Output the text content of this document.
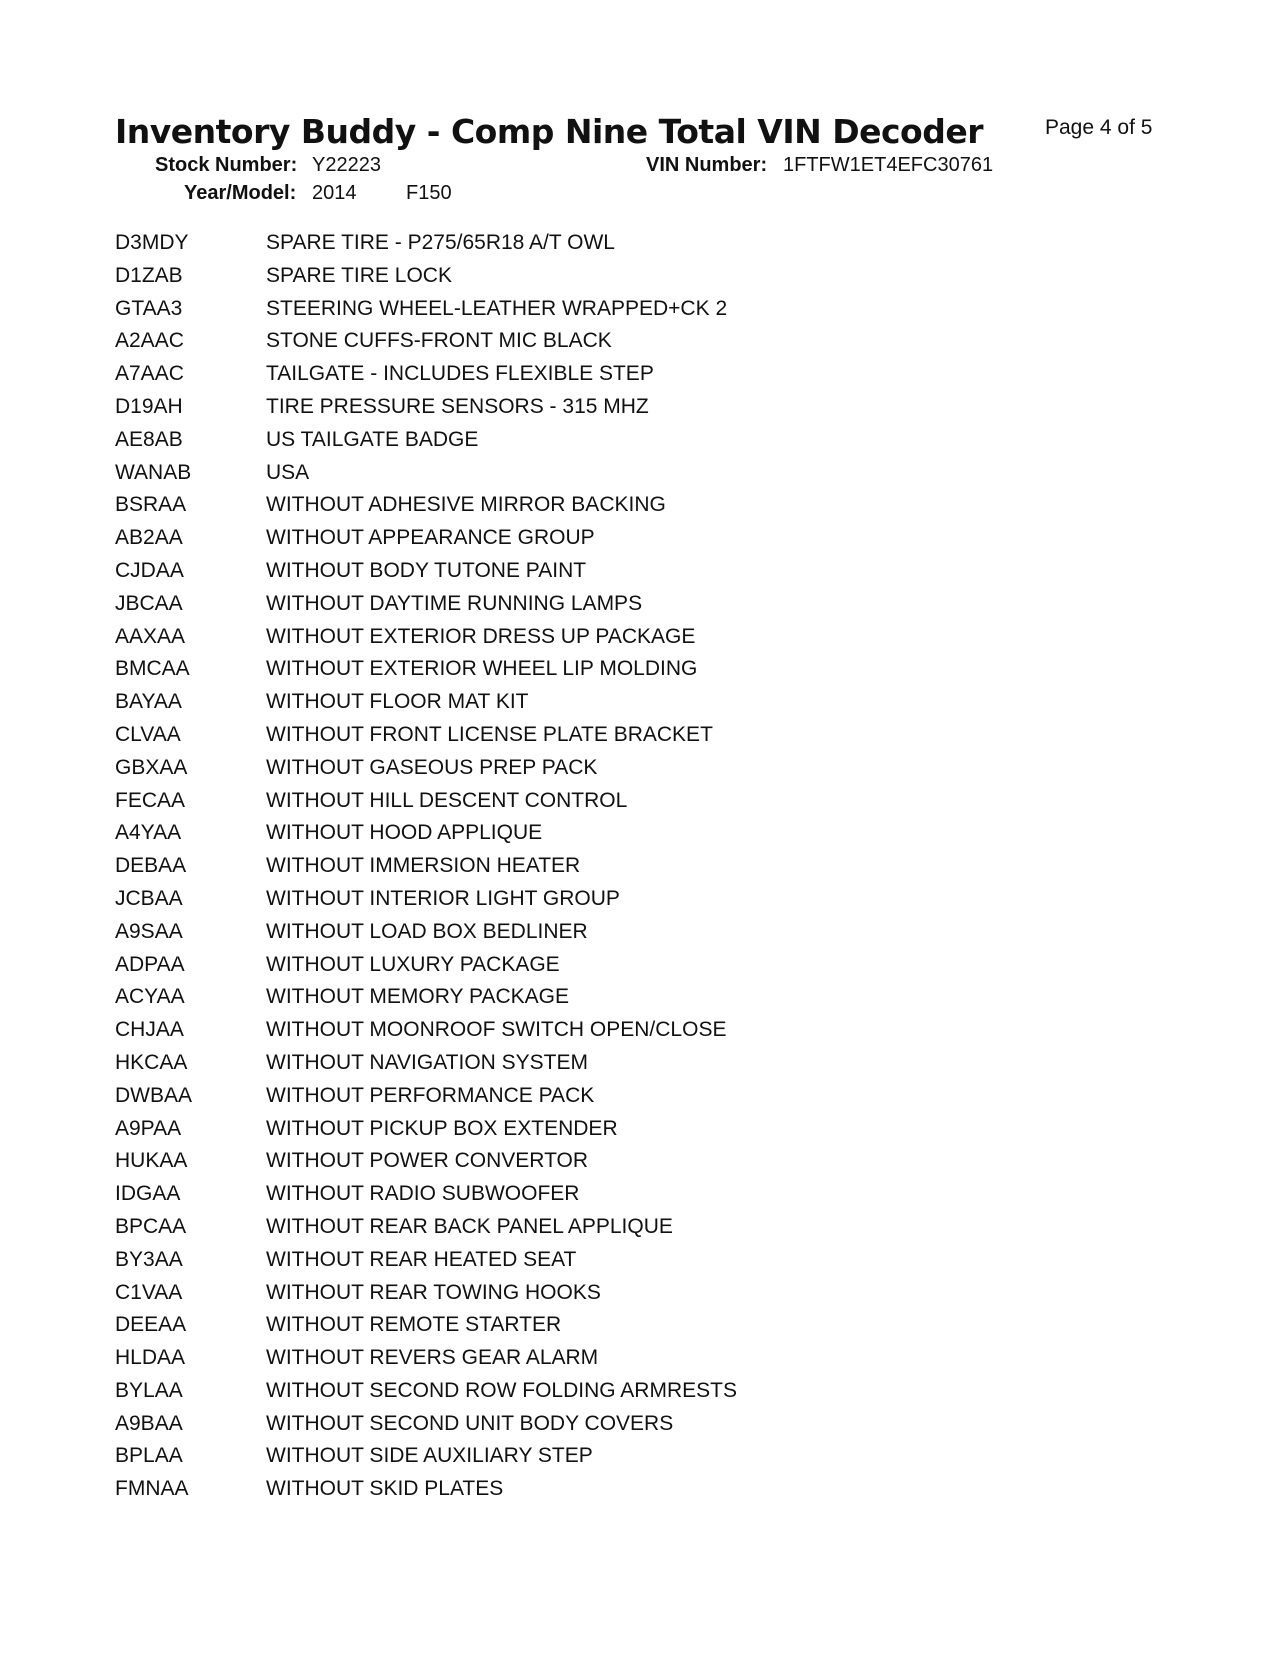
Inventory Buddy - Comp Nine Total VIN Decoder	Page 4 of 5
Stock Number: Y22223	VIN Number: 1FTFW1ET4EFC30761
Year/Model: 2014 F150
D3MDY	SPARE TIRE - P275/65R18 A/T OWL
D1ZAB	SPARE TIRE LOCK
GTAA3	STEERING WHEEL-LEATHER WRAPPED+CK 2
A2AAC	STONE CUFFS-FRONT MIC BLACK
A7AAC	TAILGATE - INCLUDES FLEXIBLE STEP
D19AH	TIRE PRESSURE SENSORS - 315 MHZ
AE8AB	US TAILGATE BADGE
WANAB	USA
BSRAA	WITHOUT ADHESIVE MIRROR BACKING
AB2AA	WITHOUT APPEARANCE GROUP
CJDAA	WITHOUT BODY TUTONE PAINT
JBCAA	WITHOUT DAYTIME RUNNING LAMPS
AAXAA	WITHOUT EXTERIOR DRESS UP PACKAGE
BMCAA	WITHOUT EXTERIOR WHEEL LIP MOLDING
BAYAA	WITHOUT FLOOR MAT KIT
CLVAA	WITHOUT FRONT LICENSE PLATE BRACKET
GBXAA	WITHOUT GASEOUS PREP PACK
FECAA	WITHOUT HILL DESCENT CONTROL
A4YAA	WITHOUT HOOD APPLIQUE
DEBAA	WITHOUT IMMERSION HEATER
JCBAA	WITHOUT INTERIOR LIGHT GROUP
A9SAA	WITHOUT LOAD BOX BEDLINER
ADPAA	WITHOUT LUXURY PACKAGE
ACYAA	WITHOUT MEMORY PACKAGE
CHJAA	WITHOUT MOONROOF SWITCH OPEN/CLOSE
HKCAA	WITHOUT NAVIGATION SYSTEM
DWBAA	WITHOUT PERFORMANCE PACK
A9PAA	WITHOUT PICKUP BOX EXTENDER
HUKAA	WITHOUT POWER CONVERTOR
IDGAA	WITHOUT RADIO SUBWOOFER
BPCAA	WITHOUT REAR BACK PANEL APPLIQUE
BY3AA	WITHOUT REAR HEATED SEAT
C1VAA	WITHOUT REAR TOWING HOOKS
DEEAA	WITHOUT REMOTE STARTER
HLDAA	WITHOUT REVERS GEAR ALARM
BYLAA	WITHOUT SECOND ROW FOLDING ARMRESTS
A9BAA	WITHOUT SECOND UNIT BODY COVERS
BPLAA	WITHOUT SIDE AUXILIARY STEP
FMNAA	WITHOUT SKID PLATES
